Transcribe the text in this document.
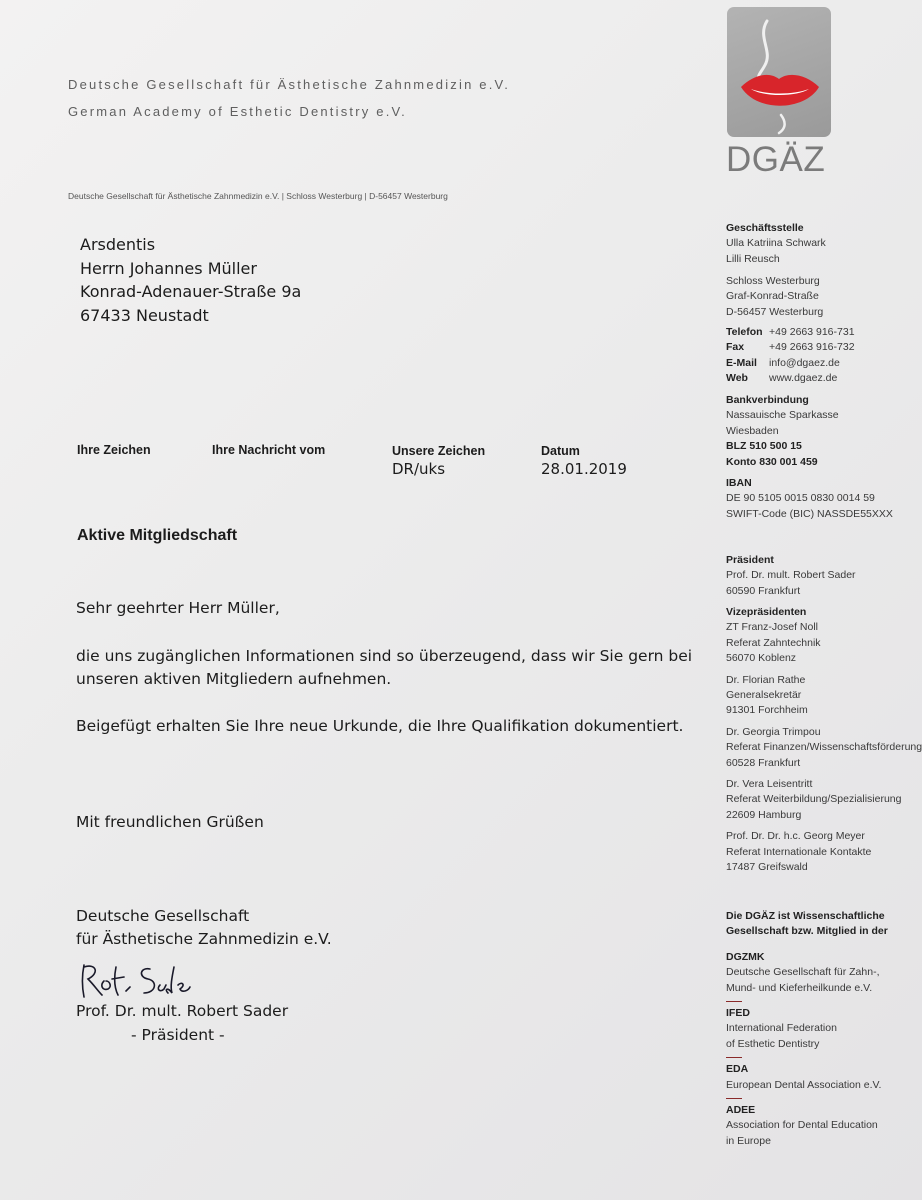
Deutsche Gesellschaft für Ästhetische Zahnmedizin e.V.
German Academy of Esthetic Dentistry e.V.
Deutsche Gesellschaft für Ästhetische Zahnmedizin e.V. | Schloss Westerburg | D-56457 Westerburg
DGÄZ
Arsdentis
Herrn Johannes Müller
Konrad-Adenauer-Straße 9a
67433 Neustadt
Ihre Zeichen	Ihre Nachricht vom	Unsere Zeichen
DR/uks
Datum
28.01.2019
Aktive Mitgliedschaft
Sehr geehrter Herr Müller,
die uns zugänglichen Informationen sind so überzeugend, dass wir Sie gern bei
unseren aktiven Mitgliedern aufnehmen.
Beigefügt erhalten Sie Ihre neue Urkunde, die Ihre Qualifikation dokumentiert.
Mit freundlichen Grüßen
Deutsche Gesellschaft
für Ästhetische Zahnmedizin e.V.
Prof. Dr. mult. Robert Sader
- Präsident -
Geschäftsstelle
Ulla Katriina Schwark
Lilli Reusch
Schloss Westerburg
Graf-Konrad-Straße
D-56457 Westerburg
Telefon +49 2663 916-731
Fax +49 2663 916-732
E-Mail info@dgaez.de
Web www.dgaez.de
Bankverbindung
Nassauische Sparkasse
Wiesbaden
BLZ 510 500 15
Konto 830 001 459
IBAN
DE 90 5105 0015 0830 0014 59
SWIFT-Code (BIC) NASSDE55XXX
Präsident
Prof. Dr. mult. Robert Sader
60590 Frankfurt
Vizepräsidenten
ZT Franz-Josef Noll
Referat Zahntechnik
56070 Koblenz
Dr. Florian Rathe
Generalsekretär
91301 Forchheim
Dr. Georgia Trimpou
Referat Finanzen/Wissenschaftsförderung
60528 Frankfurt
Dr. Vera Leisentritt
Referat Weiterbildung/Spezialisierung
22609 Hamburg
Prof. Dr. Dr. h.c. Georg Meyer
Referat Internationale Kontakte
17487 Greifswald
Die DGÄZ ist Wissenschaftliche
Gesellschaft bzw. Mitglied in der
DGZMK
Deutsche Gesellschaft für Zahn-,
Mund- und Kieferheilkunde e.V.
IFED
International Federation
of Esthetic Dentistry
EDA
European Dental Association e.V.
ADEE
Association for Dental Education
in Europe
